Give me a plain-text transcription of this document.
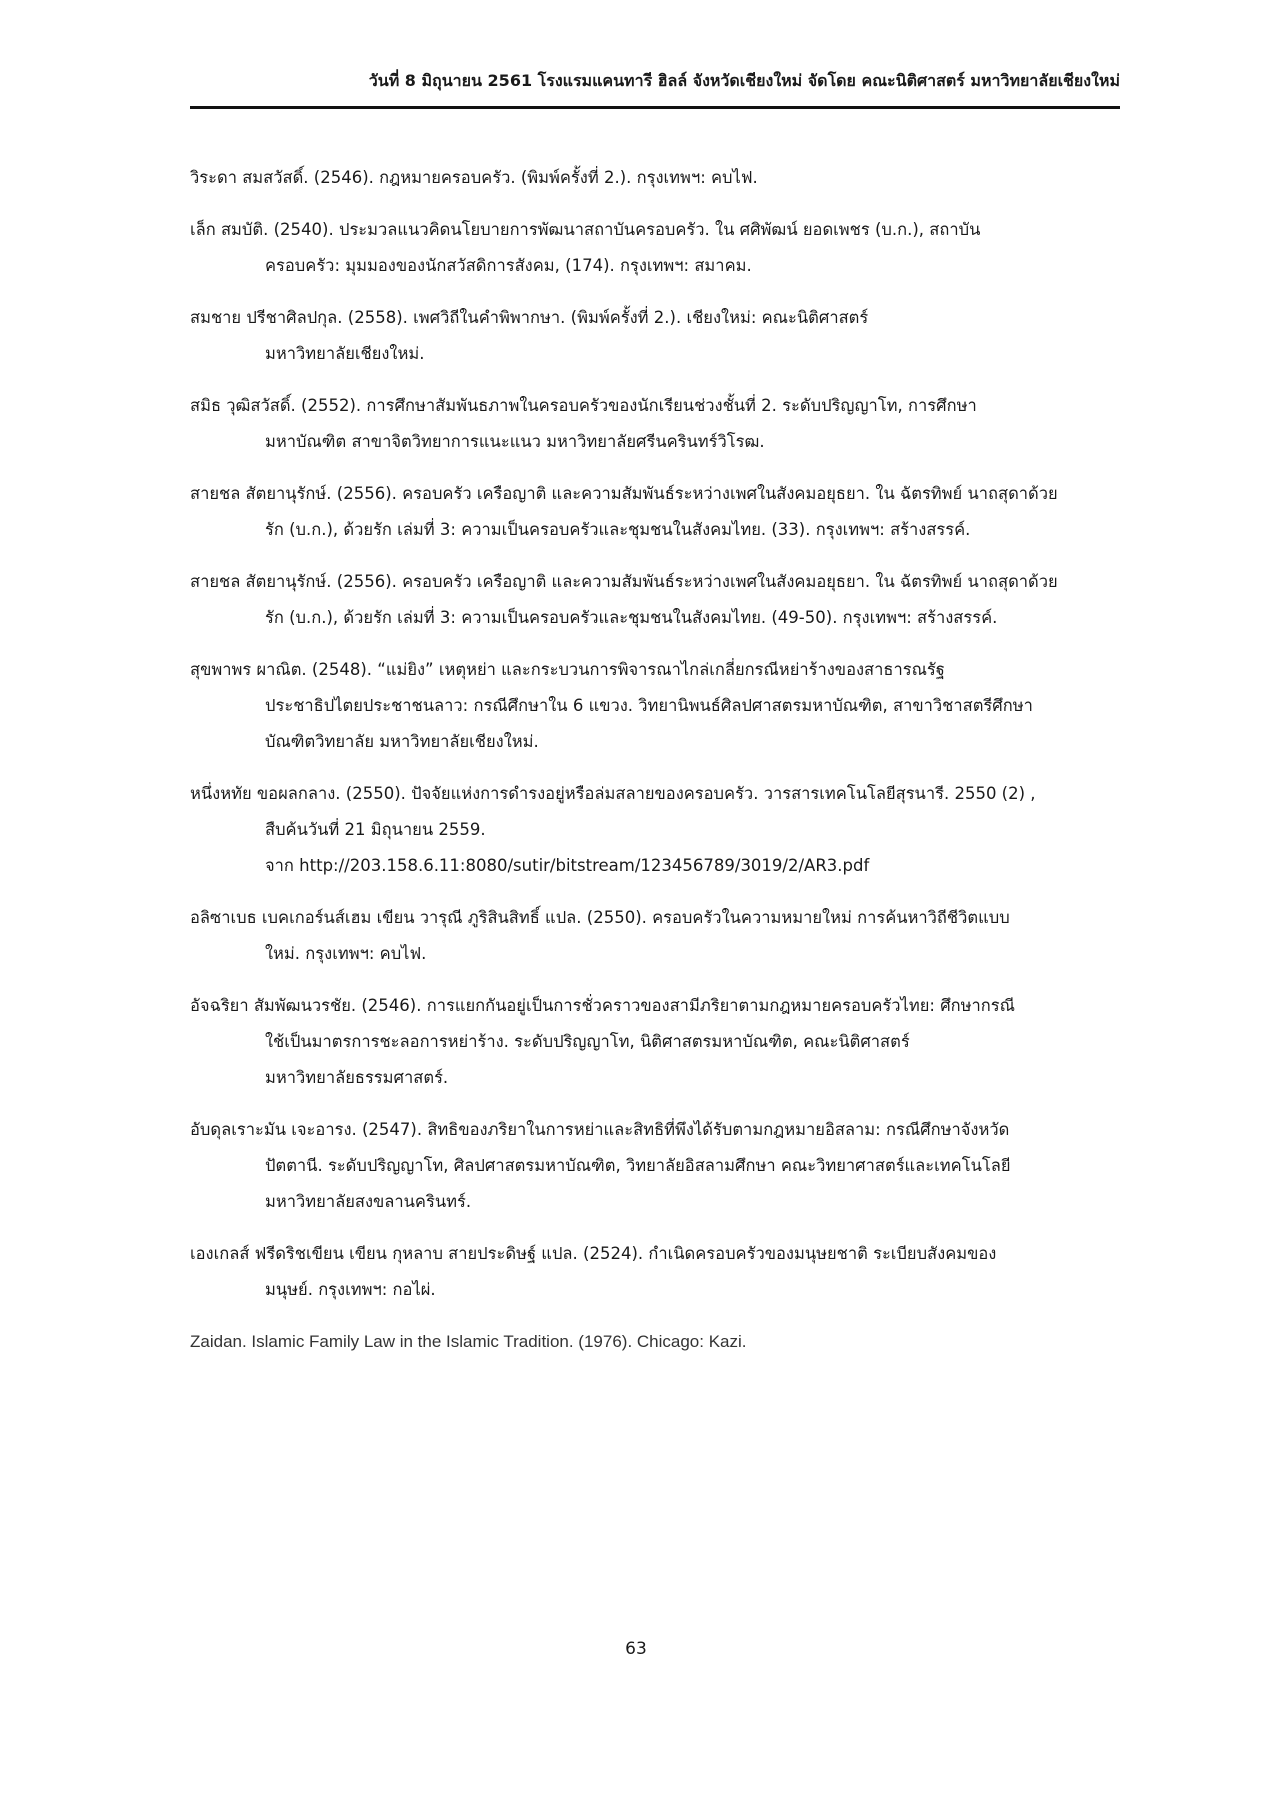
วันที่ 8 มิถุนายน 2561 โรงแรมแคนทารี ฮิลล์ จังหวัดเชียงใหม่ จัดโดย คณะนิติศาสตร์ มหาวิทยาลัยเชียงใหม่
วิระดา สมสวัสดิ์. (2546). กฎหมายครอบครัว. (พิมพ์ครั้งที่ 2.). กรุงเทพฯ: คบไฟ.
เล็ก สมบัติ. (2540). ประมวลแนวคิดนโยบายการพัฒนาสถาบันครอบครัว. ใน ศศิพัฒน์ ยอดเพชร (บ.ก.), สถาบัน
ครอบครัว: มุมมองของนักสวัสดิการสังคม, (174). กรุงเทพฯ: สมาคม.
สมชาย ปรีชาศิลปกุล. (2558). เพศวิถีในคำพิพากษา. (พิมพ์ครั้งที่ 2.). เชียงใหม่: คณะนิติศาสตร์
มหาวิทยาลัยเชียงใหม่.
สมิธ วุฒิสวัสดิ์. (2552). การศึกษาสัมพันธภาพในครอบครัวของนักเรียนช่วงชั้นที่ 2. ระดับปริญญาโท, การศึกษา
มหาบัณฑิต สาขาจิตวิทยาการแนะแนว มหาวิทยาลัยศรีนครินทร์วิโรฒ.
สายชล สัตยานุรักษ์. (2556). ครอบครัว เครือญาติ และความสัมพันธ์ระหว่างเพศในสังคมอยุธยา. ใน ฉัตรทิพย์ นาถสุดาด้วย
รัก (บ.ก.), ด้วยรัก เล่มที่ 3: ความเป็นครอบครัวและชุมชนในสังคมไทย. (33). กรุงเทพฯ: สร้างสรรค์.
สายชล สัตยานุรักษ์. (2556). ครอบครัว เครือญาติ และความสัมพันธ์ระหว่างเพศในสังคมอยุธยา. ใน ฉัตรทิพย์ นาถสุดาด้วย
รัก (บ.ก.), ด้วยรัก เล่มที่ 3: ความเป็นครอบครัวและชุมชนในสังคมไทย. (49-50). กรุงเทพฯ: สร้างสรรค์.
สุขพาพร ผาณิต. (2548). “แม่ยิง” เหตุหย่า และกระบวนการพิจารณาไกล่เกลี่ยกรณีหย่าร้างของสาธารณรัฐ
ประชาธิปไตยประชาชนลาว: กรณีศึกษาใน 6 แขวง. วิทยานิพนธ์ศิลปศาสตรมหาบัณฑิต, สาขาวิชาสตรีศึกษา
บัณฑิตวิทยาลัย มหาวิทยาลัยเชียงใหม่.
หนึ่งหทัย ขอผลกลาง. (2550). ปัจจัยแห่งการดำรงอยู่หรือล่มสลายของครอบครัว. วารสารเทคโนโลยีสุรนารี. 2550 (2) ,
สืบค้นวันที่ 21 มิถุนายน 2559.
จาก http://203.158.6.11:8080/sutir/bitstream/123456789/3019/2/AR3.pdf
อลิซาเบธ เบคเกอร์นส์เฮม เขียน วารุณี ภูริสินสิทธิ์ แปล. (2550). ครอบครัวในความหมายใหม่ การค้นหาวิถีชีวิตแบบ
ใหม่. กรุงเทพฯ: คบไฟ.
อัจฉริยา สัมพัฒนวรชัย. (2546). การแยกกันอยู่เป็นการชั่วคราวของสามีภริยาตามกฎหมายครอบครัวไทย: ศึกษากรณี
ใช้เป็นมาตรการชะลอการหย่าร้าง. ระดับปริญญาโท, นิติศาสตรมหาบัณฑิต, คณะนิติศาสตร์
มหาวิทยาลัยธรรมศาสตร์.
อับดุลเราะมัน เจะอารง. (2547). สิทธิของภริยาในการหย่าและสิทธิที่พึงได้รับตามกฎหมายอิสลาม: กรณีศึกษาจังหวัด
ปัตตานี. ระดับปริญญาโท, ศิลปศาสตรมหาบัณฑิต, วิทยาลัยอิสลามศึกษา คณะวิทยาศาสตร์และเทคโนโลยี
มหาวิทยาลัยสงขลานครินทร์.
เองเกลส์ ฟรีดริชเขียน เขียน กุหลาบ สายประดิษฐ์ แปล. (2524). กำเนิดครอบครัวของมนุษยชาติ ระเบียบสังคมของ
มนุษย์. กรุงเทพฯ: กอไผ่.
Zaidan. Islamic Family Law in the Islamic Tradition. (1976). Chicago: Kazi.
63
